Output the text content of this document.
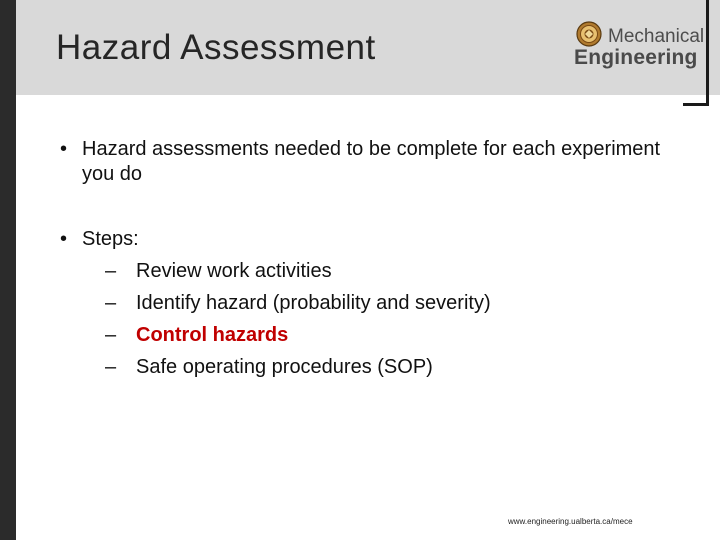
Hazard Assessment	Mechanical
Engineering
• Hazard assessments needed to be complete for each experiment you do
• Steps:
– Review work activities
– Identify hazard (probability and severity)
– Control hazards
– Safe operating procedures (SOP)
www.engineering.ualberta.ca/mece
